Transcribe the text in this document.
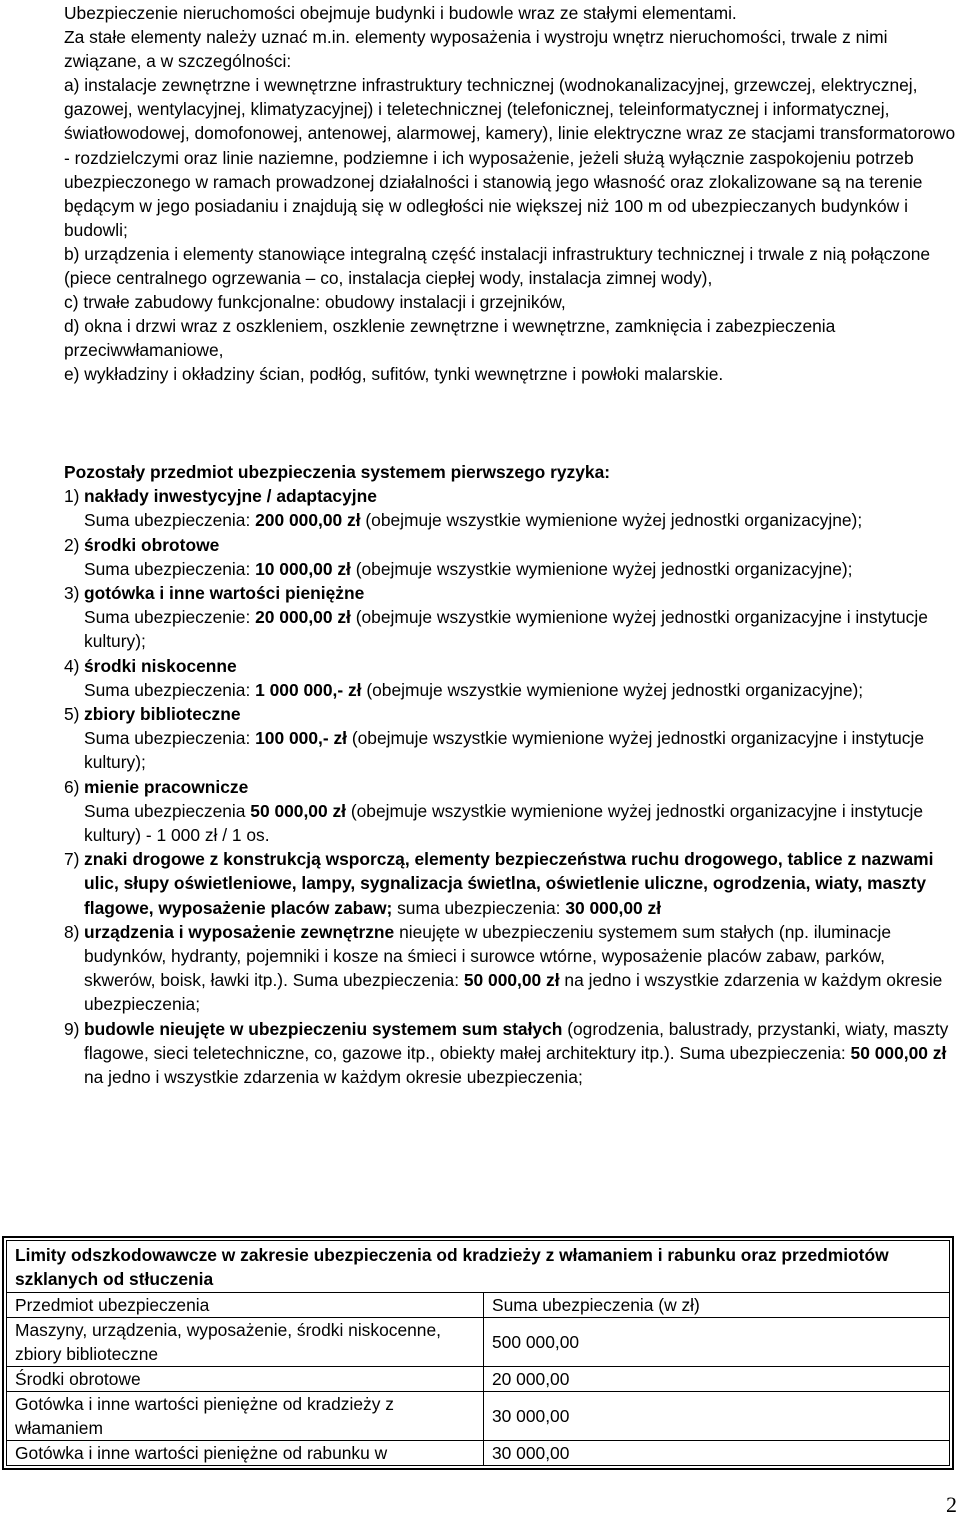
Ubezpieczenie nieruchomości obejmuje budynki i budowle wraz ze stałymi elementami.

Za stałe elementy należy uznać m.in. elementy wyposażenia i wystroju wnętrz nieruchomości, trwale z nimi związane, a w szczególności:

a) instalacje zewnętrzne i wewnętrzne infrastruktury technicznej (wodnokanalizacyjnej, grzewczej, elektrycznej, gazowej, wentylacyjnej, klimatyzacyjnej) i teletechnicznej (telefonicznej, teleinformatycznej i informatycznej, światłowodowej, domofonowej, antenowej, alarmowej, kamery), linie elektryczne wraz ze stacjami transformatorowo - rozdzielczymi oraz linie naziemne, podziemne i ich wyposażenie, jeżeli służą wyłącznie zaspokojeniu potrzeb ubezpieczonego w ramach prowadzonej działalności i stanowią jego własność oraz zlokalizowane są na terenie będącym w jego posiadaniu i znajdują się w odległości nie większej niż 100 m od ubezpieczanych budynków i budowli;

b) urządzenia i elementy stanowiące integralną część instalacji infrastruktury technicznej i trwale z nią połączone (piece centralnego ogrzewania – co, instalacja ciepłej wody, instalacja zimnej wody),

c) trwałe zabudowy funkcjonalne: obudowy instalacji i grzejników,

d) okna i drzwi wraz z oszkleniem, oszklenie zewnętrzne i wewnętrzne, zamknięcia i zabezpieczenia przeciwwłamaniowe,

e) wykładziny i okładziny ścian, podłóg, sufitów, tynki wewnętrzne i powłoki malarskie.

Pozostały przedmiot ubezpieczenia systemem pierwszego ryzyka:

1) nakłady inwestycyjne / adaptacyjne
Suma ubezpieczenia: 200 000,00 zł (obejmuje wszystkie wymienione wyżej jednostki organizacyjne);
2) środki obrotowe
Suma ubezpieczenia: 10 000,00 zł (obejmuje wszystkie wymienione wyżej jednostki organizacyjne);
3) gotówka i inne wartości pieniężne
Suma ubezpieczenie: 20 000,00 zł (obejmuje wszystkie wymienione wyżej jednostki organizacyjne i instytucje kultury);
4) środki niskocenne
Suma ubezpieczenia: 1 000 000,- zł (obejmuje wszystkie wymienione wyżej jednostki organizacyjne);
5) zbiory biblioteczne
Suma ubezpieczenia: 100 000,- zł (obejmuje wszystkie wymienione wyżej jednostki organizacyjne i instytucje kultury);
6) mienie pracownicze
Suma ubezpieczenia 50 000,00 zł (obejmuje wszystkie wymienione wyżej jednostki organizacyjne i instytucje kultury) - 1 000 zł / 1 os.
7) znaki drogowe z konstrukcją wsporczą, elementy bezpieczeństwa ruchu drogowego, tablice z nazwami ulic, słupy oświetleniowe, lampy, sygnalizacja świetlna, oświetlenie uliczne, ogrodzenia, wiaty, maszty flagowe, wyposażenie placów zabaw; suma ubezpieczenia: 30 000,00 zł
8) urządzenia i wyposażenie zewnętrzne nieujęte w ubezpieczeniu systemem sum stałych (np. iluminacje budynków, hydranty, pojemniki i kosze na śmieci i surowce wtórne, wyposażenie placów zabaw, parków, skwerów, boisk, ławki itp.). Suma ubezpieczenia: 50 000,00 zł na jedno i wszystkie zdarzenia w każdym okresie ubezpieczenia;
9) budowle nieujęte w ubezpieczeniu systemem sum stałych (ogrodzenia, balustrady, przystanki, wiaty, maszty flagowe, sieci teletechniczne, co, gazowe itp., obiekty małej architektury itp.). Suma ubezpieczenia: 50 000,00 zł na jedno i wszystkie zdarzenia w każdym okresie ubezpieczenia;
Limity odszkodowawcze w zakresie ubezpieczenia od kradzieży z włamaniem i rabunku oraz przedmiotów szklanych od stłuczenia	
Przedmiot ubezpieczenia	Suma ubezpieczenia (w zł)
Maszyny, urządzenia, wyposażenie, środki niskocenne, zbiory biblioteczne	500 000,00
Środki obrotowe	20 000,00
Gotówka i inne wartości pieniężne od kradzieży z włamaniem	30 000,00
Gotówka i inne wartości pieniężne od rabunku w	30 000,00
2
